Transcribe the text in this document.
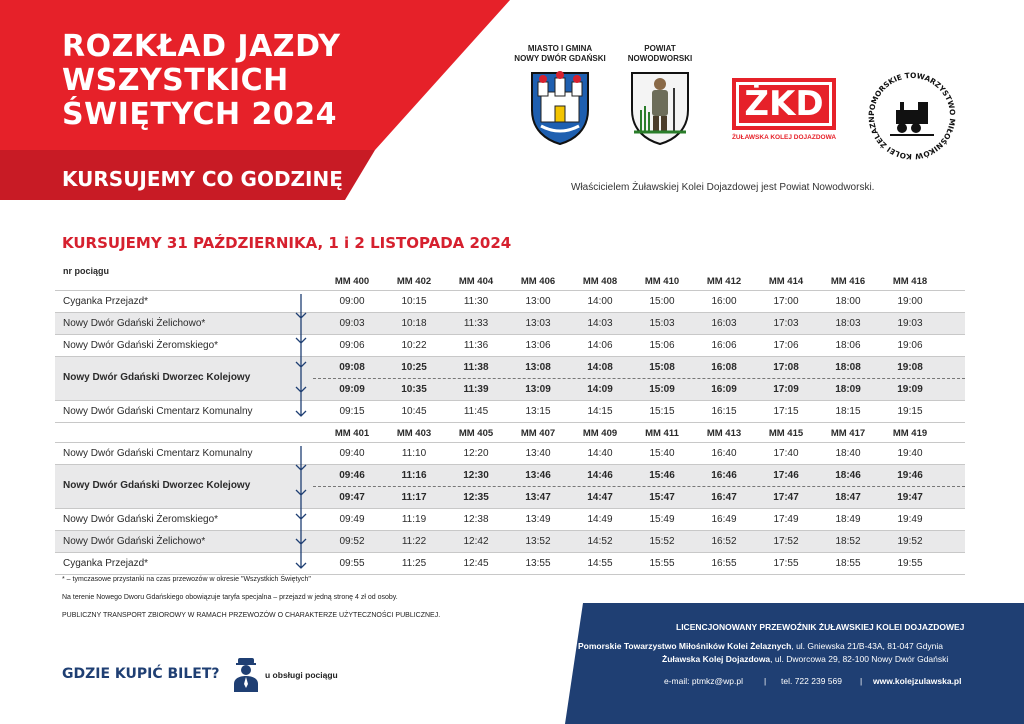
ROZKŁAD JAZDY
WSZYSTKICH
ŚWIĘTYCH 2024
KURSUJEMY CO GODZINĘ
MIASTO I GMINA
NOWY DWÓR GDAŃSKI
POWIAT
NOWODWORSKI
ŻKD
ŻUŁAWSKA KOLEJ DOJAZDOWA
POMORSKIE TOWARZYSTWO MIŁOŚNIKÓW KOLEI ŻELAZN
Właścicielem Żuławskiej Kolei Dojazdowej jest Powiat Nowodworski.
KURSUJEMY 31 PAŹDZIERNIKA, 1 i 2 LISTOPADA 2024
nr pociągu
MM 400	MM 402	MM 404	MM 406	MM 408	MM 410	MM 412	MM 414	MM 416	MM 418
Cyganka Przejazd*	09:00	10:15	11:30	13:00	14:00	15:00	16:00	17:00	18:00	19:00
Nowy Dwór Gdański Żelichowo*	09:03	10:18	11:33	13:03	14:03	15:03	16:03	17:03	18:03	19:03
Nowy Dwór Gdański Żeromskiego*	09:06	10:22	11:36	13:06	14:06	15:06	16:06	17:06	18:06	19:06
Nowy Dwór Gdański Dworzec Kolejowy
09:08	10:25	11:38	13:08	14:08	15:08	16:08	17:08	18:08	19:08
09:09	10:35	11:39	13:09	14:09	15:09	16:09	17:09	18:09	19:09
Nowy Dwór Gdański Cmentarz Komunalny	09:15	10:45	11:45	13:15	14:15	15:15	16:15	17:15	18:15	19:15
MM 401	MM 403	MM 405	MM 407	MM 409	MM 411	MM 413	MM 415	MM 417	MM 419
Nowy Dwór Gdański Cmentarz Komunalny	09:40	11:10	12:20	13:40	14:40	15:40	16:40	17:40	18:40	19:40
Nowy Dwór Gdański Dworzec Kolejowy
09:46	11:16	12:30	13:46	14:46	15:46	16:46	17:46	18:46	19:46
09:47	11:17	12:35	13:47	14:47	15:47	16:47	17:47	18:47	19:47
Nowy Dwór Gdański Żeromskiego*	09:49	11:19	12:38	13:49	14:49	15:49	16:49	17:49	18:49	19:49
Nowy Dwór Gdański Żelichowo*	09:52	11:22	12:42	13:52	14:52	15:52	16:52	17:52	18:52	19:52
Cyganka Przejazd*	09:55	11:25	12:45	13:55	14:55	15:55	16:55	17:55	18:55	19:55
* – tymczasowe przystanki na czas przewozów w okresie "Wszystkich Świętych"
Na terenie Nowego Dworu Gdańskiego obowiązuje taryfa specjalna – przejazd w jedną stronę 4 zł od osoby.
PUBLICZNY TRANSPORT ZBIOROWY W RAMACH PRZEWOZÓW O CHARAKTERZE UŻYTECZNOŚCI PUBLICZNEJ.
GDZIE KUPIĆ BILET?	u obsługi pociągu
LICENCJONOWANY PRZEWOŹNIK ŻUŁAWSKIEJ KOLEI DOJAZDOWEJ
Pomorskie Towarzystwo Miłośników Kolei Żelaznych, ul. Gniewska 21/B-43A, 81-047 Gdynia
Żuławska Kolej Dojazdowa, ul. Dworcowa 29, 82-100 Nowy Dwór Gdański
e-mail: ptmkz@wp.pl | tel. 722 239 569 | www.kolejzulawska.pl
